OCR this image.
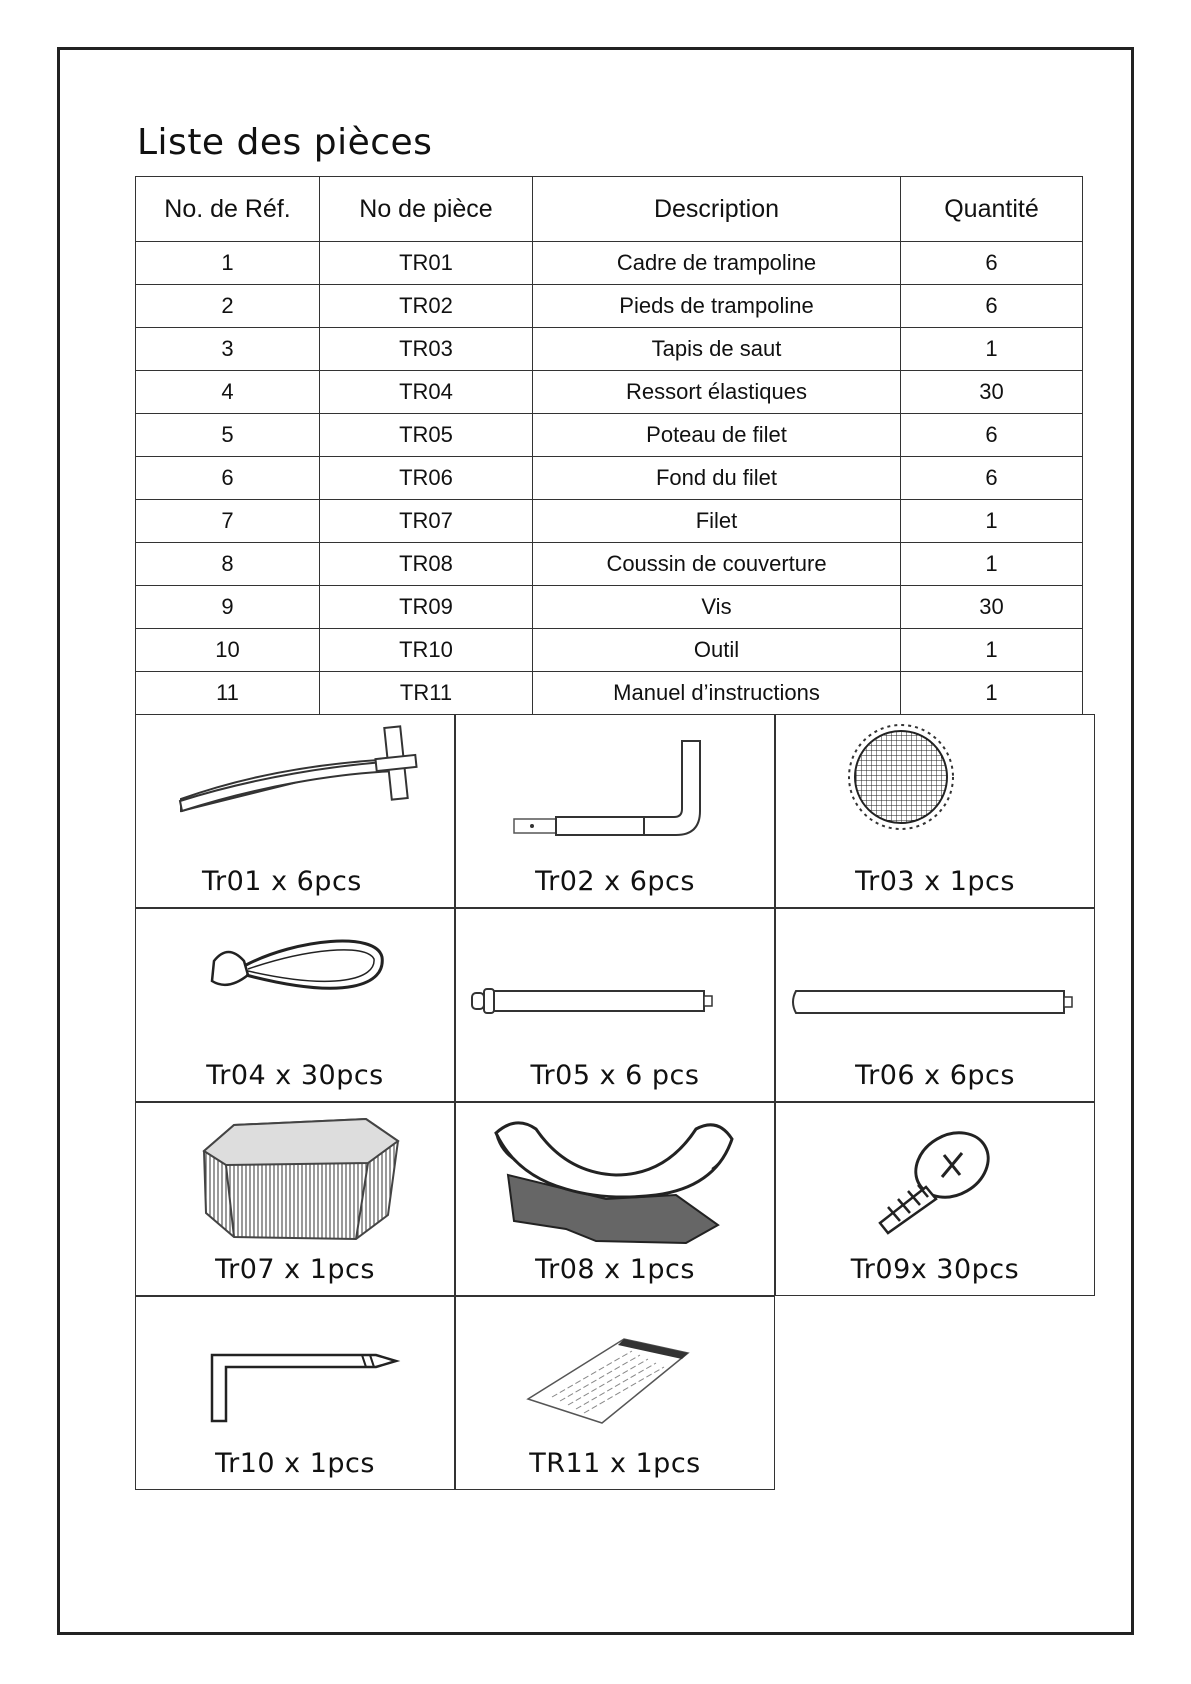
Liste des pièces
No. de Réf.	No de pièce	Description	Quantité
1	TR01	Cadre de trampoline	6
2	TR02	Pieds de trampoline	6
3	TR03	Tapis de saut	1
4	TR04	Ressort élastiques	30
5	TR05	Poteau de filet	6
6	TR06	Fond du filet	6
7	TR07	Filet	1
8	TR08	Coussin de couverture	1
9	TR09	Vis	30
10	TR10	Outil	1
11	TR11	Manuel d’instructions	1
Tr01 x 6pcs	Tr02 x 6pcs	Tr03 x 1pcs
Tr04 x 30pcs	Tr05 x 6 pcs	Tr06 x 6pcs
Tr07 x 1pcs	Tr08 x 1pcs	Tr09x 30pcs
Tr10 x 1pcs	TR11 x 1pcs
